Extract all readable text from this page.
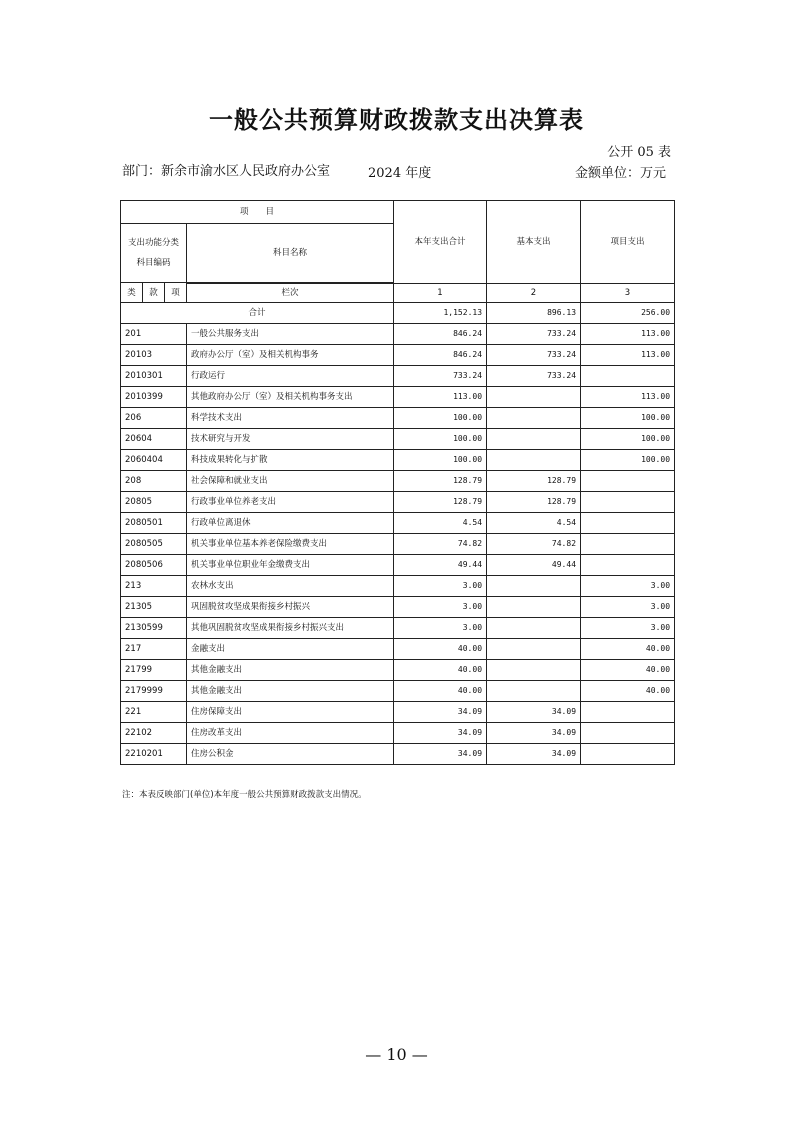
一般公共预算财政拨款支出决算表
公开 05 表
部门：新余市渝水区人民政府办公室	2024 年度	金额单位：万元
项　　目				本年支出合计	基本支出	项目支出
支出功能分类科目编码			科目名称			
类	款	项				
			栏次	1	2	3
合计				1,152.13	896.13	256.00
201			一般公共服务支出	846.24	733.24	113.00
20103			政府办公厅（室）及相关机构事务	846.24	733.24	113.00
2010301			行政运行	733.24	733.24	
2010399			其他政府办公厅（室）及相关机构事务支出	113.00		113.00
206			科学技术支出	100.00		100.00
20604			技术研究与开发	100.00		100.00
2060404			科技成果转化与扩散	100.00		100.00
208			社会保障和就业支出	128.79	128.79	
20805			行政事业单位养老支出	128.79	128.79	
2080501			行政单位离退休	4.54	4.54	
2080505			机关事业单位基本养老保险缴费支出	74.82	74.82	
2080506			机关事业单位职业年金缴费支出	49.44	49.44	
213			农林水支出	3.00		3.00
21305			巩固脱贫攻坚成果衔接乡村振兴	3.00		3.00
2130599			其他巩固脱贫攻坚成果衔接乡村振兴支出	3.00		3.00
217			金融支出	40.00		40.00
21799			其他金融支出	40.00		40.00
2179999			其他金融支出	40.00		40.00
221			住房保障支出	34.09	34.09	
22102			住房改革支出	34.09	34.09	
2210201			住房公积金	34.09	34.09	
注：本表反映部门(单位)本年度一般公共预算财政拨款支出情况。
— 10 —
